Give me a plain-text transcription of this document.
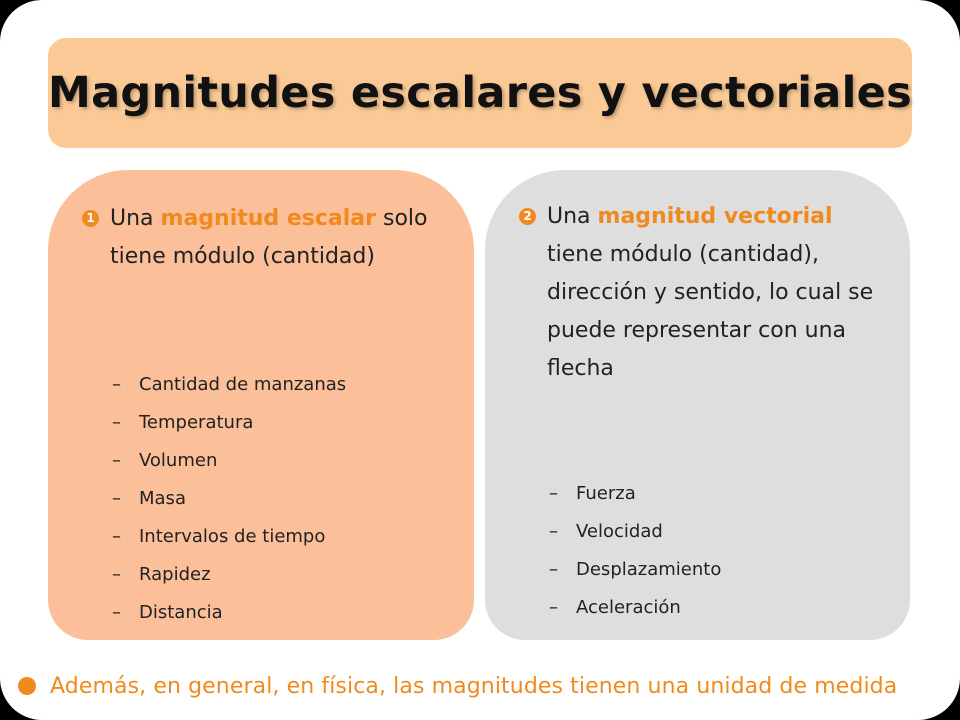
Magnitudes escalares y vectoriales
1 Una magnitud escalar solo tiene módulo (cantidad)
– Cantidad de manzanas
– Temperatura
– Volumen
– Masa
– Intervalos de tiempo
– Rapidez
– Distancia
2 Una magnitud vectorial tiene módulo (cantidad), dirección y sentido, lo cual se puede representar con una flecha
– Fuerza
– Velocidad
– Desplazamiento
– Aceleración
Además, en general, en física, las magnitudes tienen una unidad de medida
